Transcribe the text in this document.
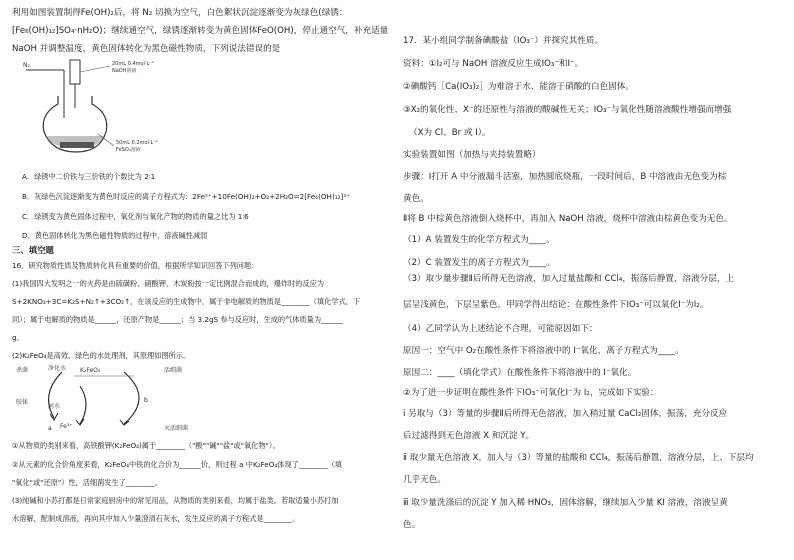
利用如图装置制得Fe(OH)₂后，将 N₂ 切换为空气，白色絮状沉淀逐渐变为灰绿色(绿锈：
[Fe₆(OH)₁₂]SO₄·nH₂O)；继续通空气，绿锈逐渐转变为黄色固体FeO(OH)，停止通空气，补充适量
NaOH 并调整温度，黄色固体转化为黑色磁性物质，下列说法错误的是
N₂	20mL 0.4mol·L⁻¹
NaOH溶液
50mL 0.2mol·L⁻¹
FeSO₄溶液
A．绿锈中二价铁与三价铁的个数比为 2∶1
B．灰绿色沉淀逐渐变为黄色时反应的离子方程式为：2Fe²⁺+10Fe(OH)₂+O₂+2H₂O=2[Fe₆(OH)₁₂]²⁺
C．绿锈变为黄色固体过程中，氧化剂与氧化产物的物质的量之比为 1∶6
D．黄色固体转化为黑色磁性物质的过程中，溶液碱性减弱
三、填空题
16．研究物质性质及物质转化具有重要的价值，根据所学知识回答下列问题：
(1)我国四大发明之一的火药是由硫磺粉、硝酸钾、木炭粉按一定比例混合而成的，爆炸时的反应为
S+2KNO₃+3C=K₂S+N₂↑+3CO₂↑，在该反应的生成物中，属于非电解质的物质是________（填化学式，下
同）；属于电解质的物质是______，还原产物是______；当 3.2gS 参与反应时，生成的气体质量为______
g。
(2)K₂FeO₄是高效、绿色的水处理剂，其原理如图所示。
a
b
杀菌	净化水 K₂FeO₄	活细菌
胶体
河水
Fe³⁺	灭活细菌
①从物质的类别来看，高铁酸钾(K₂FeO₄)属于________（"酸""碱""盐"或"氧化物"）。
②从元素的化合价角度来看，K₂FeO₄中铁的化合价为______价，则过程 a 中K₂FeO₄体现了________（填
"氧化"或"还原"）性，活细菌发生了________。
(3)纯碱和小苏打都是日常家庭厨房中的常见用品，从物质的类别来看，均属于盐类。若取适量小苏打加
水溶解，配制成溶液，再向其中加入少量澄清石灰水，发生反应的离子方程式是________。
17．某小组同学制备碘酸盐（IO₃⁻）并探究其性质。
资料：①I₂可与 NaOH 溶液反应生成IO₃⁻和I⁻。
②碘酸钙［Ca(IO₃)₂］为难溶于水、能溶于硝酸的白色固体。
③X₂的氧化性、X⁻的还原性与溶液的酸碱性无关；IO₃⁻与氧化性随溶液酸性增强而增强
（X为 Cl、Br 或 I）。
实验装置如图（加热与夹持装置略）
步骤：Ⅰ打开 A 中分液漏斗活塞，加热圆底烧瓶，一段时间后，B 中溶液由无色变为棕
黄色。
Ⅱ将 B 中棕黄色溶液倒入烧杯中，再加入 NaOH 溶液，烧杯中溶液由棕黄色变为无色。
（1）A 装置发生的化学方程式为____。
（2）C 装置发生的离子方程式为____。
（3）取少量步骤Ⅱ后所得无色溶液，加入过量盐酸和 CCl₄，振荡后静置，溶液分层，上
层呈浅黄色，下层呈紫色。甲同学得出结论：在酸性条件下IO₃⁻可以氧化I⁻为I₂。
（4）乙同学认为上述结论不合理，可能原因如下：
原因一：空气中 O₂在酸性条件下将溶液中的 I⁻氧化，离子方程式为____。
原因二：____（填化学式）在酸性条件下将溶液中的 I⁻氧化。
②为了进一步证明在酸性条件下IO₃⁻可氧化I⁻为 I₂，完成如下实验：
ⅰ 另取与（3）等量的步骤Ⅱ后所得无色溶液，加入稍过量 CaCl₂固体，振荡，充分反应
后过滤得到无色溶液 X 和沉淀 Y。
ⅱ 取少量无色溶液 X，加入与（3）等量的盐酸和 CCl₄，振荡后静置，溶液分层，上、下层均
几乎无色。
ⅲ 取少量洗涤后的沉淀 Y 加入稀 HNO₃，固体溶解，继续加入少量 KI 溶液，溶液呈黄
色。
